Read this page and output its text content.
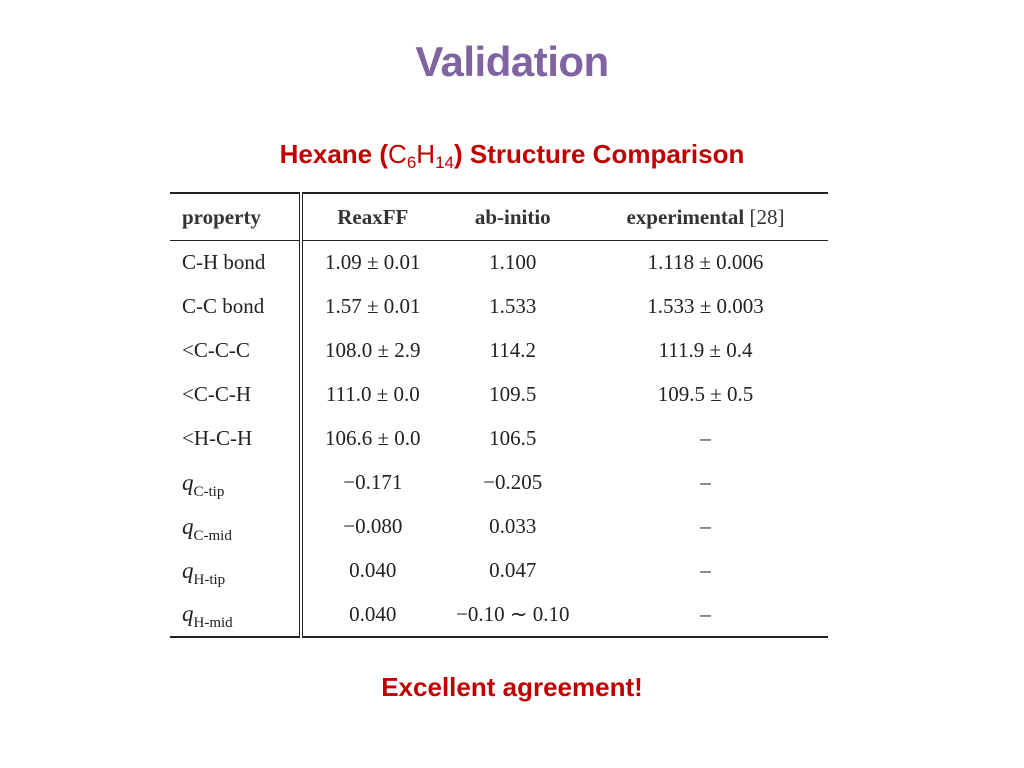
Validation
Hexane $(C_6H_{14})$ Structure Comparison
property	ReaxFF	ab-initio	experimental [28]
C-H bond	1.09 ± 0.01	1.100	1.118 ± 0.006
C-C bond	1.57 ± 0.01	1.533	1.533 ± 0.003
<C-C-C	108.0 ± 2.9	114.2	111.9 ± 0.4
<C-C-H	111.0 ± 0.0	109.5	109.5 ± 0.5
<H-C-H	106.6 ± 0.0	106.5	–
$q_{C-tip}$	−0.171	−0.205	–
$q_{C-mid}$	−0.080	0.033	–
$q_{H-tip}$	0.040	0.047	–
$q_{H-mid}$	0.040	−0.10 ∼ 0.10	–
Excellent agreement!
